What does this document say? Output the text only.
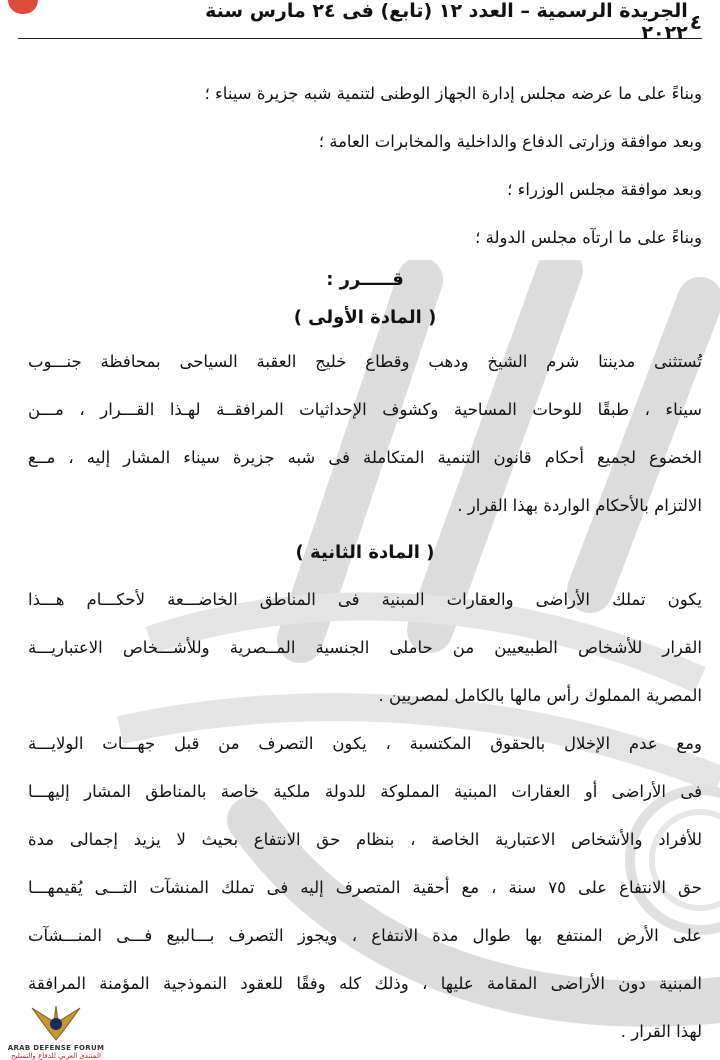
٤
الجريدة الرسمية – العدد ١٢ (تابع) فى ٢٤ مارس سنة ٢٠٢٢
وبناءً على ما عرضه مجلس إدارة الجهاز الوطنى لتنمية شبه جزيرة سيناء ؛
وبعد موافقة وزارتى الدفاع والداخلية والمخابرات العامة ؛
وبعد موافقة مجلس الوزراء ؛
وبناءً على ما ارتآه مجلس الدولة ؛
قـــــرر :
( المادة الأولى )
تُستثنى مدينتا شرم الشيخ ودهب وقطاع خليج العقبة السياحى بمحافظة جنـــوب
سيناء ، طبقًا للوحات المساحية وكشوف الإحداثيات المرافقــة لهـذا القـــرار ، مـــن
الخضوع لجميع أحكام قانون التنمية المتكاملة فى شبه جزيرة سيناء المشار إليه ، مــع
الالتزام بالأحكام الواردة بهذا القرار .
( المادة الثانية )
يكون تملك الأراضى والعقارات المبنية فى المناطق الخاضـــعة لأحكـــام هـــذا
القرار للأشخاص الطبيعيين من حاملى الجنسية المــصرية وللأشـــخاص الاعتباريـــة
المصرية المملوك رأس مالها بالكامل لمصريين .
ومع عدم الإخلال بالحقوق المكتسبة ، يكون التصرف من قبل جهـــات الولايـــة
فى الأراضى أو العقارات المبنية المملوكة للدولة ملكية خاصة بالمناطق المشار إليهـــا
للأفراد والأشخاص الاعتبارية الخاصة ، بنظام حق الانتفاع بحيث لا يزيد إجمالى مدة
حق الانتفاع على ٧٥ سنة ، مع أحقية المتصرف إليه فى تملك المنشآت التـــى يُقيمهـــا
على الأرض المنتفع بها طوال مدة الانتفاع ، ويجوز التصرف بـــالبيع فـــى المنـــشآت
المبنية دون الأراضى المقامة عليها ، وذلك كله وفقًا للعقود النموذجية المؤمنة المرافقة
لهذا القرار .
ARAB DEFENSE FORUM
المنتدى العربي للدفاع والتسليح
